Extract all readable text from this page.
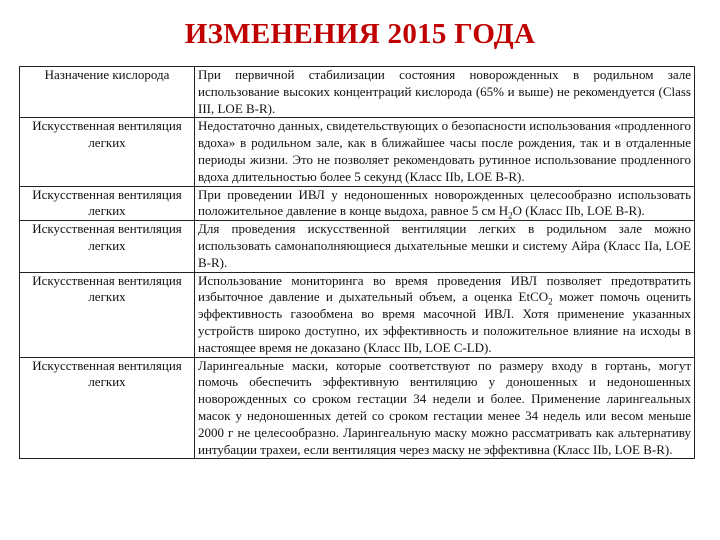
ИЗМЕНЕНИЯ 2015 ГОДА
Назначение кислорода	При первичной стабилизации состояния новорожденных в родильном зале использование высоких концентраций кислорода (65% и выше) не рекомендуется (Class III, LOE B-R).
Искусственная вентиляция легких	Недостаточно данных, свидетельствующих о безопасности использования «продленного вдоха» в родильном зале, как в ближайшее часы после рождения, так и в отдаленные периоды жизни. Это не позволяет рекомендовать рутинное использование продленного вдоха длительностью более 5 секунд (Класс IIb, LOE B-R).
Искусственная вентиляция легких	При проведении ИВЛ у недоношенных новорожденных целесообразно использовать положительное давление в конце выдоха, равное 5 см $H_2O$ (Класс IIb, LOE B-R).
Искусственная вентиляция легких	Для проведения искусственной вентиляции легких в родильном зале можно использовать самонаполняющиеся дыхательные мешки и систему Айра (Класс IIa, LOE B-R).
Искусственная вентиляция легких	Использование мониторинга во время проведения ИВЛ позволяет предотвратить избыточное давление и дыхательный объем, а оценка EtCO$_2$ может помочь оценить эффективность газообмена во время масочной ИВЛ. Хотя применение указанных устройств широко доступно, их эффективность и положительное влияние на исходы в настоящее время не доказано (Класс IIb, LOE C-LD).
Искусственная вентиляция легких	Ларингеальные маски, которые соответствуют по размеру входу в гортань, могут помочь обеспечить эффективную вентиляцию у доношенных и недоношенных новорожденных со сроком гестации 34 недели и более. Применение ларингеальных масок у недоношенных детей со сроком гестации менее 34 недель или весом меньше 2000 г не целесообразно. Ларингеальную маску можно рассматривать как альтернативу интубации трахеи, если вентиляция через маску не эффективна (Класс IIb, LOE B-R).
